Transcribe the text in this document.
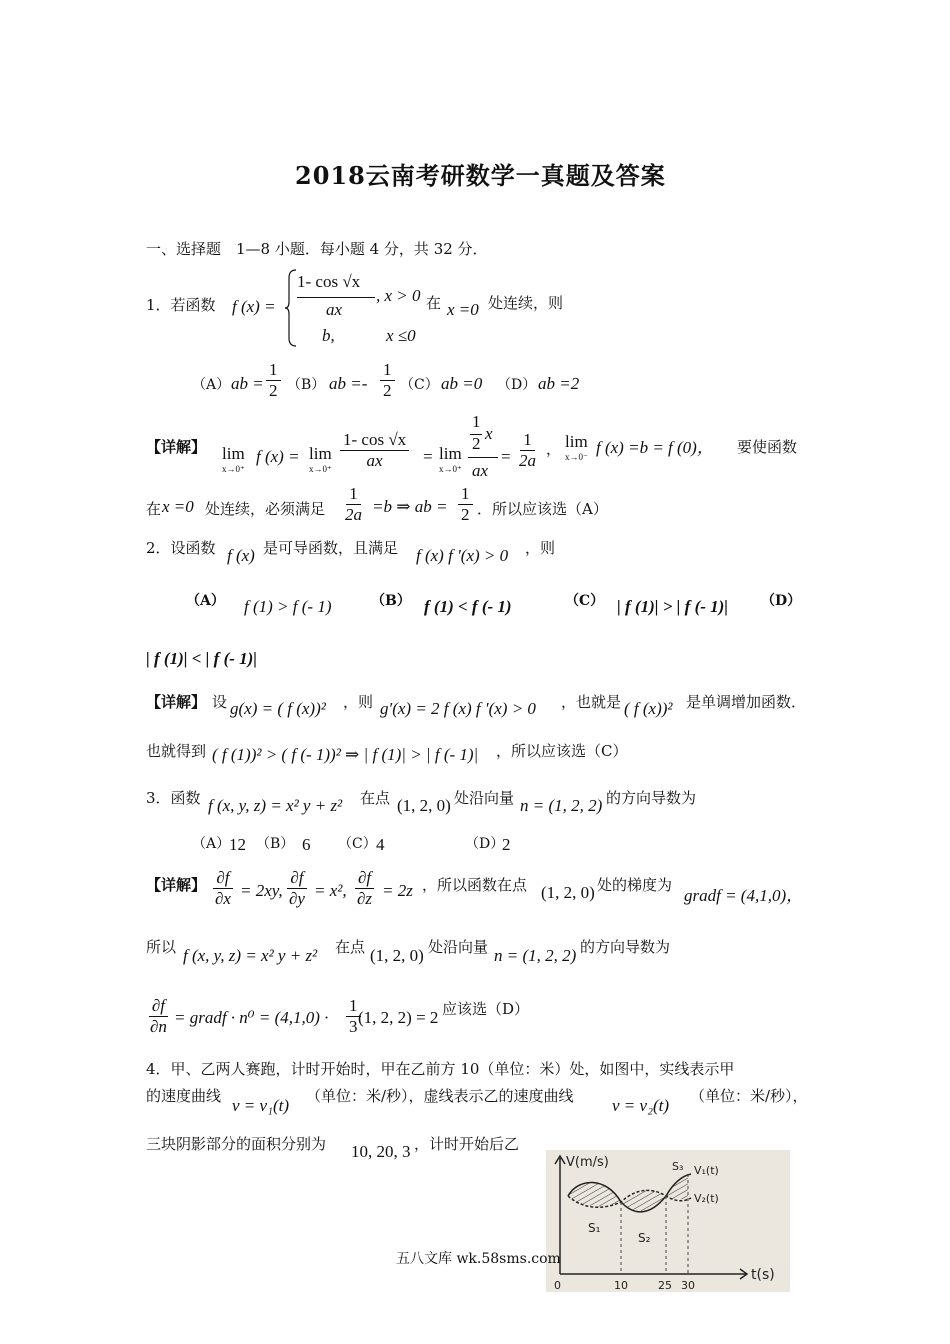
2018云南考研数学一真题及答案
一、选择题　1—8 小题．每小题 4 分，共 32 分．
1．若函数 f (x) =
1- cos √x
ax
, x > 0 在 x =0 处连续，则
b,	x ≤0
（A） ab = $\frac{1}{2} (B)$ ab =- $\frac{1}{2} (C)$ ab =0 （D） ab =2
【详解】 lim
x→0⁺
f (x) = lim
$x\to 0^+ \frac{1- \cos √x}{ax} = \lim$
x→0⁺
1
2
x
ax
= $\frac{1}{2a}$ ， lim
x→0⁻ f (x) =b = f (0)， 要使函数
在 x =0 处连续，必须满足 $\frac{1}{2a} =b$ ⇒ ab = $\frac{1}{2}$ ．所以应该选（A）
2．设函数 f (x) 是可导函数，且满足 f (x) f ′(x) > 0 ，则
（A） f (1) > f (- 1)	（B） f (1) < f (- 1)	（C） | f (1)| > | f (- 1)| （D）
| f (1)| < | f (- 1)|
【详解】 设 g(x) = ( f (x))² ，则 g′(x) = 2 f (x) f ′(x) > 0 ，也就是 ( f (x))² 是单调增加函数．
也就得到 ( f (1))² > ( f (- 1))² ⇒ | f (1)| > | f (- 1)| ，所以应该选（C）
3．函数 f (x, y, z) = x² y + z² 在点 (1, 2, 0) 处沿向量 n = (1, 2, 2) 的方向导数为
（A）
12 （B） 6 （C） 4	（D）
2
【详解】 $\frac{\partial f}{\partial x} = 2xy$, $\frac{\partial f}{\partial y} = x^2$, $\frac{\partial f}{\partial z} = 2z$ ，所以函数在点 (1, 2, 0) 处的梯度为
gradf = (4,1,0)，
所以 f (x, y, z) = x² y + z² 在点 (1, 2, 0) 处沿向量 n = (1, 2, 2) 的方向导数为
$\frac{\partial f}{\partial n}$ = gradf · $n^0 = (4,1,0) \cdot \frac{1}{3}$
(1, 2, 2) = 2 应该选（D）
4．甲、乙两人赛跑，计时开始时，甲在乙前方 10（单位：米）处，如图中，实线表示甲
的速度曲线 v = v₁(t) （单位：米/秒），虚线表示乙的速度曲线 v = v₂(t) （单位：米/秒），
三块阴影部分的面积分别为 10, 20, 3 ，计时开始后乙
V(m/s)
t(s)
S₁
S₂
S₃ V₁(t)
V₂(t)
0	10	25 30
五八文库 wk.58sms.com
